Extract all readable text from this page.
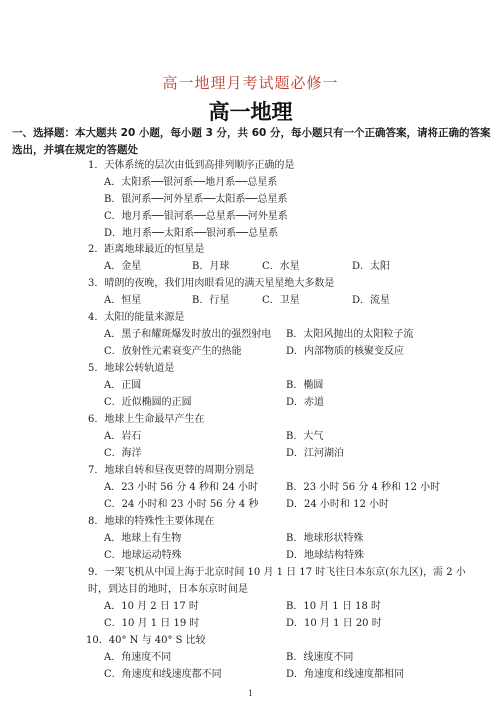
高一地理月考试题必修一
高一地理
一、选择题：本大题共 20 小题，每小题 3 分，共 60 分，每小题只有一个正确答案，请将正确的答案选出，并填在规定的答题处
1．天体系统的层次由低到高排列顺序正确的是
A．太阳系──银河系──地月系──总星系
B．银河系──河外星系──太阳系──总星系
C．地月系──银河系──总星系──河外星系
D．地月系──太阳系──银河系──总星系
2．距离地球最近的恒星是
A．金星	B．月球	C．水星	D．太阳
3．晴朗的夜晚，我们用肉眼看见的满天星星绝大多数是
A．恒星	B．行星	C．卫星	D．流星
4．太阳的能量来源是
A．黑子和耀斑爆发时放出的强烈射电 B．太阳风抛出的太阳粒子流
C．放射性元素衰变产生的热能	D．内部物质的核聚变反应
5．地球公转轨道是
A．正圆	B．椭圆
C．近似椭圆的正圆	D．赤道
6．地球上生命最早产生在
A．岩石	B．大气
C．海洋	D．江河湖泊
7．地球自转和昼夜更替的周期分别是
A．23 小时 56 分 4 秒和 24 小时	B．23 小时 56 分 4 秒和 12 小时
C．24 小时和 23 小时 56 分 4 秒	D．24 小时和 12 小时
8．地球的特殊性主要体现在
A．地球上有生物	B．地球形状特殊
C．地球运动特殊	D．地球结构特殊
9．一架飞机从中国上海于北京时间 10 月 1 日 17 时飞往日本东京(东九区)，需 2 小时，到达目的地时，日本东京时间是
A．10 月 2 日 17 时	B．10 月 1 日 18 时
C．10 月 1 日 19 时	D．10 月 1 日 20 时
10．40° N 与 40° S 比较
A．角速度不同	B．线速度不同
C．角速度和线速度都不同	D．角速度和线速度都相同
1
